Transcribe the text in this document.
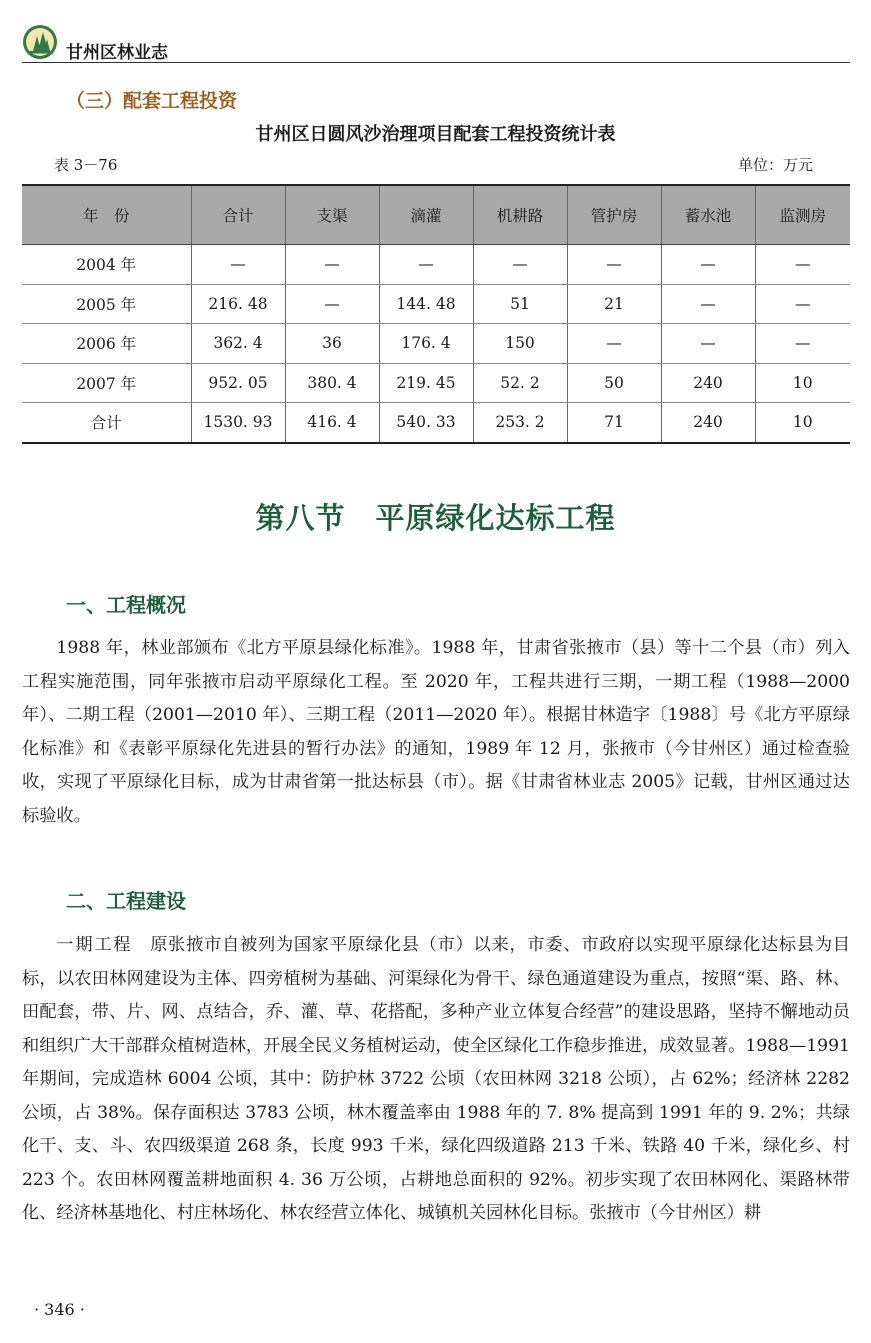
甘州区林业志
（三）配套工程投资
甘州区日圆风沙治理项目配套工程投资统计表
表 3－76	单位：万元
年　份	合计	支渠	滴灌	机耕路	管护房	蓄水池	监测房
2004 年	—	—	—	—	—	—	—
2005 年	216. 48	—	144. 48	51	21	—	—
2006 年	362. 4	36	176. 4	150	—	—	—
2007 年	952. 05	380. 4	219. 45	52. 2	50	240	10
合计	1530. 93	416. 4	540. 33	253. 2	71	240	10
第八节　平原绿化达标工程
一、工程概况
1988 年，林业部颁布《北方平原县绿化标准》。1988 年，甘肃省张掖市（县）等十二个县（市）列入工程实施范围，同年张掖市启动平原绿化工程。至 2020 年，工程共进行三期，一期工程（1988—2000 年）、二期工程（2001—2010 年）、三期工程（2011—2020 年）。根据甘林造字〔1988〕号《北方平原绿化标准》和《表彰平原绿化先进县的暂行办法》的通知，1989 年 12 月，张掖市（今甘州区）通过检查验收，实现了平原绿化目标，成为甘肃省第一批达标县（市）。据《甘肃省林业志 2005》记载，甘州区通过达标验收。
二、工程建设
一期工程　原张掖市自被列为国家平原绿化县（市）以来，市委、市政府以实现平原绿化达标县为目标，以农田林网建设为主体、四旁植树为基础、河渠绿化为骨干、绿色通道建设为重点，按照“渠、路、林、田配套，带、片、网、点结合，乔、灌、草、花搭配，多种产业立体复合经营”的建设思路，坚持不懈地动员和组织广大干部群众植树造林，开展全民义务植树运动，使全区绿化工作稳步推进，成效显著。1988—1991 年期间，完成造林 6004 公顷，其中：防护林 3722 公顷（农田林网 3218 公顷），占 62%；经济林 2282 公顷，占 38%。保存面积达 3783 公顷，林木覆盖率由 1988 年的 7. 8% 提高到 1991 年的 9. 2%；共绿化干、支、斗、农四级渠道 268 条，长度 993 千米，绿化四级道路 213 千米、铁路 40 千米，绿化乡、村 223 个。农田林网覆盖耕地面积 4. 36 万公顷，占耕地总面积的 92%。初步实现了农田林网化、渠路林带化、经济林基地化、村庄林场化、林农经营立体化、城镇机关园林化目标。张掖市（今甘州区）耕
· 346 ·
